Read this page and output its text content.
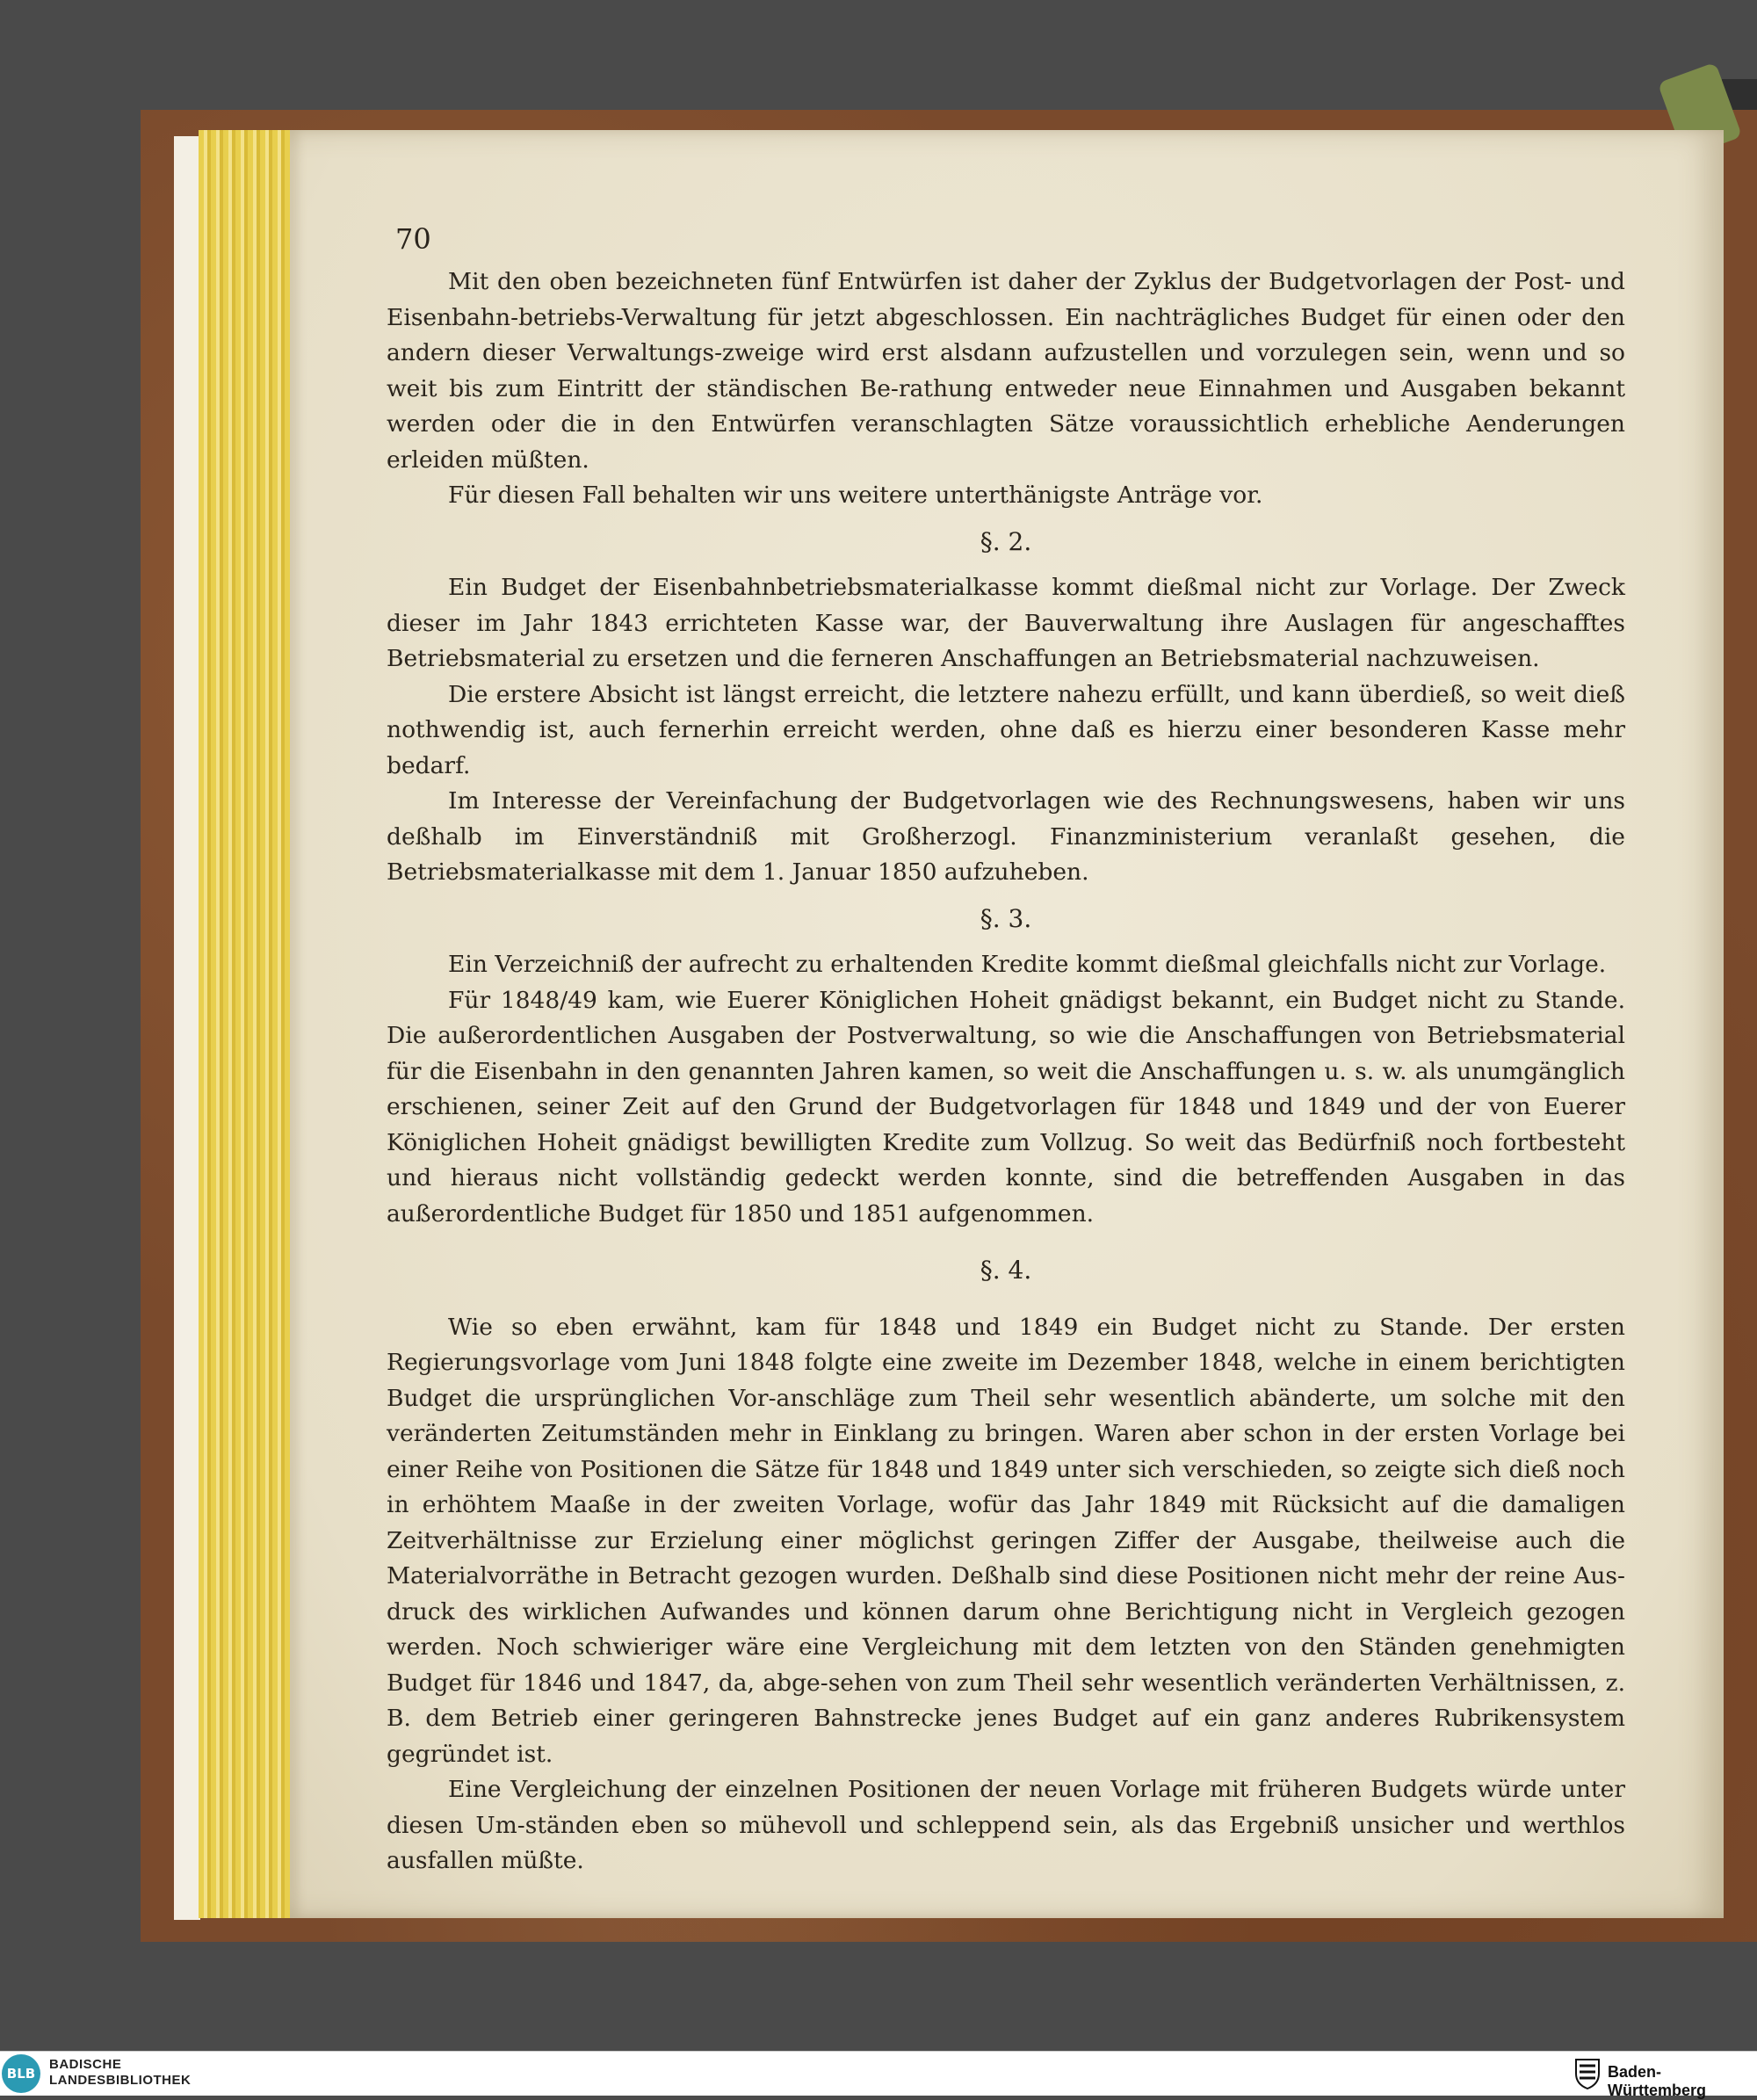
70

Mit den oben bezeichneten fünf Entwürfen ist daher der Zyklus der Budgetvorlagen der Post- und Eisenbahn-betriebs-Verwaltung für jetzt abgeschlossen. Ein nachträgliches Budget für einen oder den andern dieser Verwaltungs-zweige wird erst alsdann aufzustellen und vorzulegen sein, wenn und so weit bis zum Eintritt der ständischen Be-rathung entweder neue Einnahmen und Ausgaben bekannt werden oder die in den Entwürfen veranschlagten Sätze voraussichtlich erhebliche Aenderungen erleiden müßten.

Für diesen Fall behalten wir uns weitere unterthänigste Anträge vor.

§. 2.

Ein Budget der Eisenbahnbetriebsmaterialkasse kommt dießmal nicht zur Vorlage. Der Zweck dieser im Jahr 1843 errichteten Kasse war, der Bauverwaltung ihre Auslagen für angeschafftes Betriebsmaterial zu ersetzen und die ferneren Anschaffungen an Betriebsmaterial nachzuweisen.

Die erstere Absicht ist längst erreicht, die letztere nahezu erfüllt, und kann überdieß, so weit dieß nothwendig ist, auch fernerhin erreicht werden, ohne daß es hierzu einer besonderen Kasse mehr bedarf.

Im Interesse der Vereinfachung der Budgetvorlagen wie des Rechnungswesens, haben wir uns deßhalb im Einverständniß mit Großherzogl. Finanzministerium veranlaßt gesehen, die Betriebsmaterialkasse mit dem 1. Januar 1850 aufzuheben.

§. 3.

Ein Verzeichniß der aufrecht zu erhaltenden Kredite kommt dießmal gleichfalls nicht zur Vorlage.

Für 1848/49 kam, wie Euerer Königlichen Hoheit gnädigst bekannt, ein Budget nicht zu Stande. Die außerordentlichen Ausgaben der Postverwaltung, so wie die Anschaffungen von Betriebsmaterial für die Eisenbahn in den genannten Jahren kamen, so weit die Anschaffungen u. s. w. als unumgänglich erschienen, seiner Zeit auf den Grund der Budgetvorlagen für 1848 und 1849 und der von Euerer Königlichen Hoheit gnädigst bewilligten Kredite zum Vollzug. So weit das Bedürfniß noch fortbesteht und hieraus nicht vollständig gedeckt werden konnte, sind die betreffenden Ausgaben in das außerordentliche Budget für 1850 und 1851 aufgenommen.

§. 4.

Wie so eben erwähnt, kam für 1848 und 1849 ein Budget nicht zu Stande. Der ersten Regierungsvorlage vom Juni 1848 folgte eine zweite im Dezember 1848, welche in einem berichtigten Budget die ursprünglichen Vor-anschläge zum Theil sehr wesentlich abänderte, um solche mit den veränderten Zeitumständen mehr in Einklang zu bringen. Waren aber schon in der ersten Vorlage bei einer Reihe von Positionen die Sätze für 1848 und 1849 unter sich verschieden, so zeigte sich dieß noch in erhöhtem Maaße in der zweiten Vorlage, wofür das Jahr 1849 mit Rücksicht auf die damaligen Zeitverhältnisse zur Erzielung einer möglichst geringen Ziffer der Ausgabe, theilweise auch die Materialvorräthe in Betracht gezogen wurden. Deßhalb sind diese Positionen nicht mehr der reine Aus-druck des wirklichen Aufwandes und können darum ohne Berichtigung nicht in Vergleich gezogen werden. Noch schwieriger wäre eine Vergleichung mit dem letzten von den Ständen genehmigten Budget für 1846 und 1847, da, abge-sehen von zum Theil sehr wesentlich veränderten Verhältnissen, z. B. dem Betrieb einer geringeren Bahnstrecke jenes Budget auf ein ganz anderes Rubrikensystem gegründet ist.

Eine Vergleichung der einzelnen Positionen der neuen Vorlage mit früheren Budgets würde unter diesen Um-ständen eben so mühevoll und schleppend sein, als das Ergebniß unsicher und werthlos ausfallen müßte.

BLB
BADISCHE
LANDESBIBLIOTHEK	Baden-Württemberg
